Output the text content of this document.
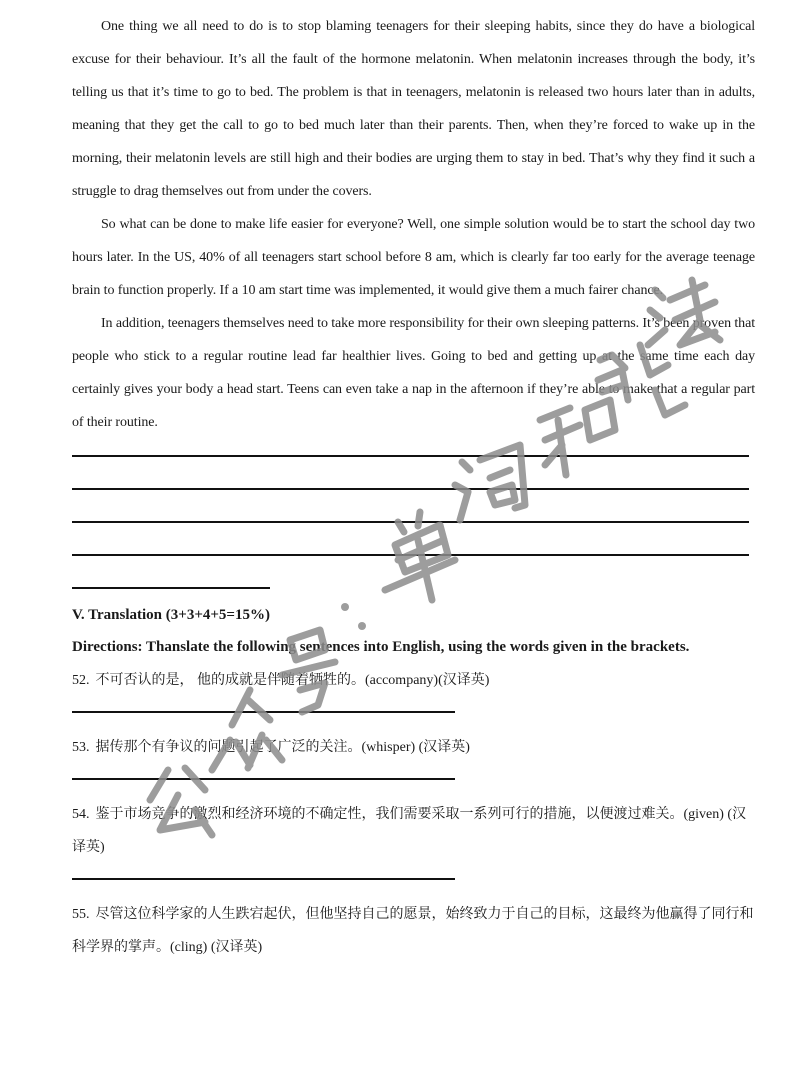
One thing we all need to do is to stop blaming teenagers for their sleeping habits, since they do have a biological excuse for their behaviour. It’s all the fault of the hormone melatonin. When melatonin increases through the body, it’s telling us that it’s time to go to bed. The problem is that in teenagers, melatonin is released two hours later than in adults, meaning that they get the call to go to bed much later than their parents. Then, when they’re forced to wake up in the morning, their melatonin levels are still high and their bodies are urging them to stay in bed. That’s why they find it such a struggle to drag themselves out from under the covers.

So what can be done to make life easier for everyone? Well, one simple solution would be to start the school day two hours later. In the US, 40% of all teenagers start school before 8 am, which is clearly far too early for the average teenage brain to function properly. If a 10 am start time was implemented, it would give them a much fairer chance.

In addition, teenagers themselves need to take more responsibility for their own sleeping patterns. It’s been proven that people who stick to a regular routine lead far healthier lives. Going to bed and getting up at the same time each day certainly gives your body a head start. Teens can even take a nap in the afternoon if they’re able to make that a regular part of their routine.

V. Translation (3+3+4+5=15%)
Directions: Thanslate the following sentences into English, using the words given in the brackets.

52. 不可否认的是， 他的成就是伴随着牺牲的。(accompany)(汉译英)

53. 据传那个有争议的问题引起了广泛的关注。(whisper) (汉译英)

54. 鉴于市场竞争的激烈和经济环境的不确定性，我们需要采取一系列可行的措施，以便渡过难关。(given) (汉译英)

55. 尽管这位科学家的人生跌宕起伏，但他坚持自己的愿景，始终致力于自己的目标，这最终为他赢得了同行和科学界的掌声。(cling) (汉译英)
